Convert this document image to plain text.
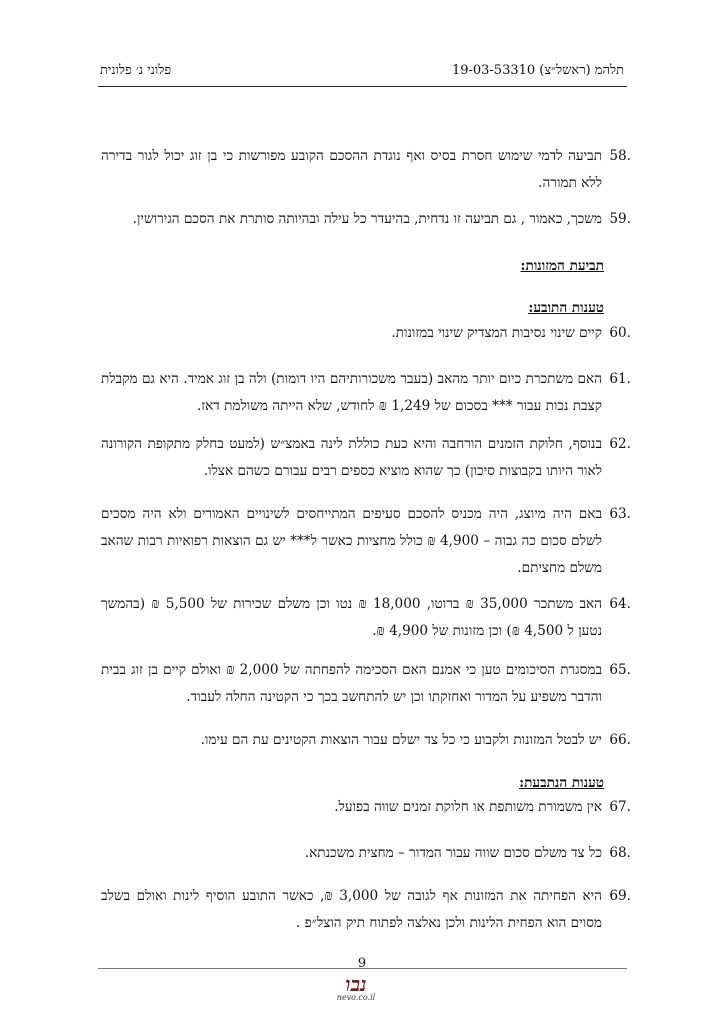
תלהמ (ראשל״צ) 19-03-53310
פלוני נ׳ פלונית
58.
תביעה לדמי שימוש חסרת בסיס ואף נוגדת ההסכם הקובע מפורשות כי בן זוג יכול לגור בדירה ללא תמורה.
59.
משכך, כאמור , גם תביעה זו נדחית, בהיעדר כל עילה ובהיותה סותרת את הסכם הגירושין.
תביעת המזונות:
טענות התובע:
60.
קיים שינוי נסיבות המצדיק שינוי במזונות.
61.
האם משתכרת כיום יותר מהאב (בעבר משכורותיהם היו דומות) ולה בן זוג אמיד. היא גם מקבלת קצבת נכות עבור *** בסכום של 1,249 ₪ לחודש, שלא הייתה משולמת דאז.
62.
בנוסף, חלוקת הזמנים הורחבה והיא כעת כוללת לינה באמצ״ש (למעט בחלק מתקופת הקורונה לאור היותו בקבוצות סיכון) כך שהוא מוציא כספים רבים עבורם כשהם אצלו.
63.
באם היה מיוצג, היה מכניס להסכם סעיפים המתייחסים לשינויים האמורים ולא היה מסכים לשלם סכום כה גבוה – 4,900 ₪ כולל מחציות כאשר ל*** יש גם הוצאות רפואיות רבות שהאב משלם מחציתם.
64.
האב משתכר 35,000 ₪ ברוטו, 18,000 ₪ נטו וכן משלם שכירות של 5,500 ₪ (בהמשך נטען ל 4,500 ₪) וכן מזונות של 4,900 ₪.
65.
במסגרת הסיכומים טען כי אמנם האם הסכימה להפחתה של 2,000 ₪ ואולם קיים בן זוג בבית והדבר משפיע על המדור ואחזקתו וכן יש להתחשב בכך כי הקטינה החלה לעבוד.
66.
יש לבטל המזונות ולקבוע כי כל צד ישלם עבור הוצאות הקטינים עת הם עימו.
טענות הנתבעת:
67.
אין משמורת משותפת או חלוקת זמנים שווה בפועל.
68.
כל צד משלם סכום שווה עבור המדור – מחצית משכנתא.
69.
היא הפחיתה את המזונות אף לגובה של 3,000 ₪, כאשר התובע הוסיף לינות ואולם בשלב מסוים הוא הפחית הלינות ולכן נאלצה לפתוח תיק הוצל״פ .
9
נבו
nevo.co.il
